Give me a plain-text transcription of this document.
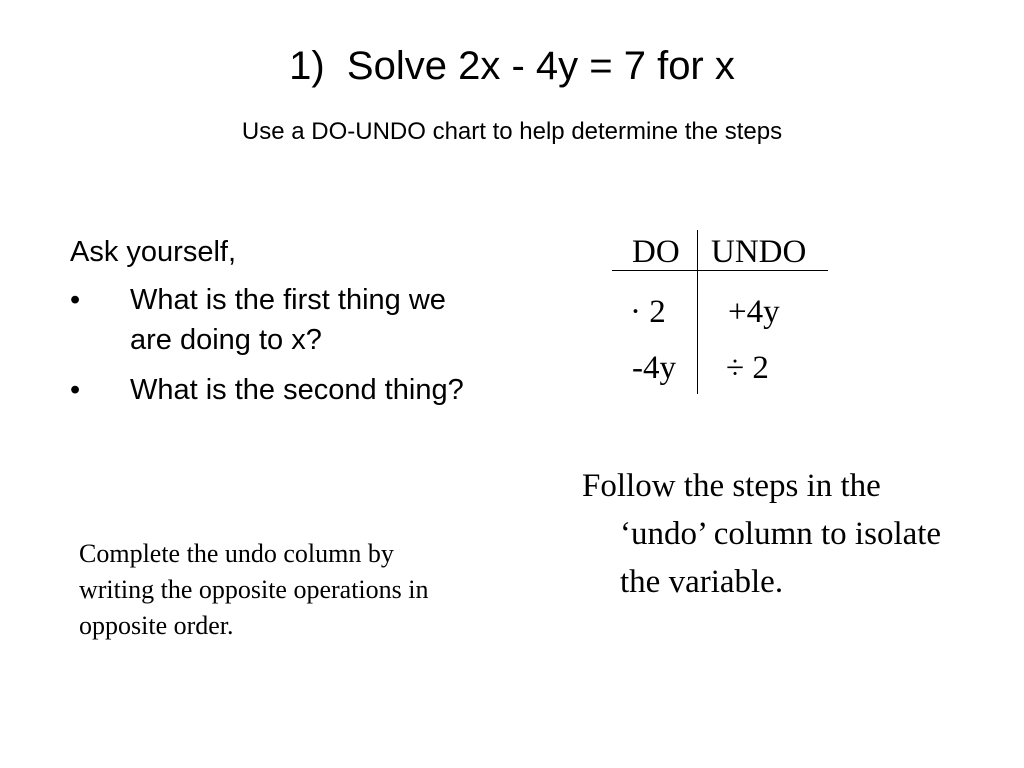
1)  Solve 2x - 4y = 7 for x
Use a DO-UNDO chart to help determine the steps
Ask yourself,
• What is the first thing we are doing to x?
• What is the second thing?
DO UNDO
· 2 +4y
-4y ÷ 2
Follow the steps in the ‘undo’ column to isolate the variable.
Complete the undo column by writing the opposite operations in opposite order.
